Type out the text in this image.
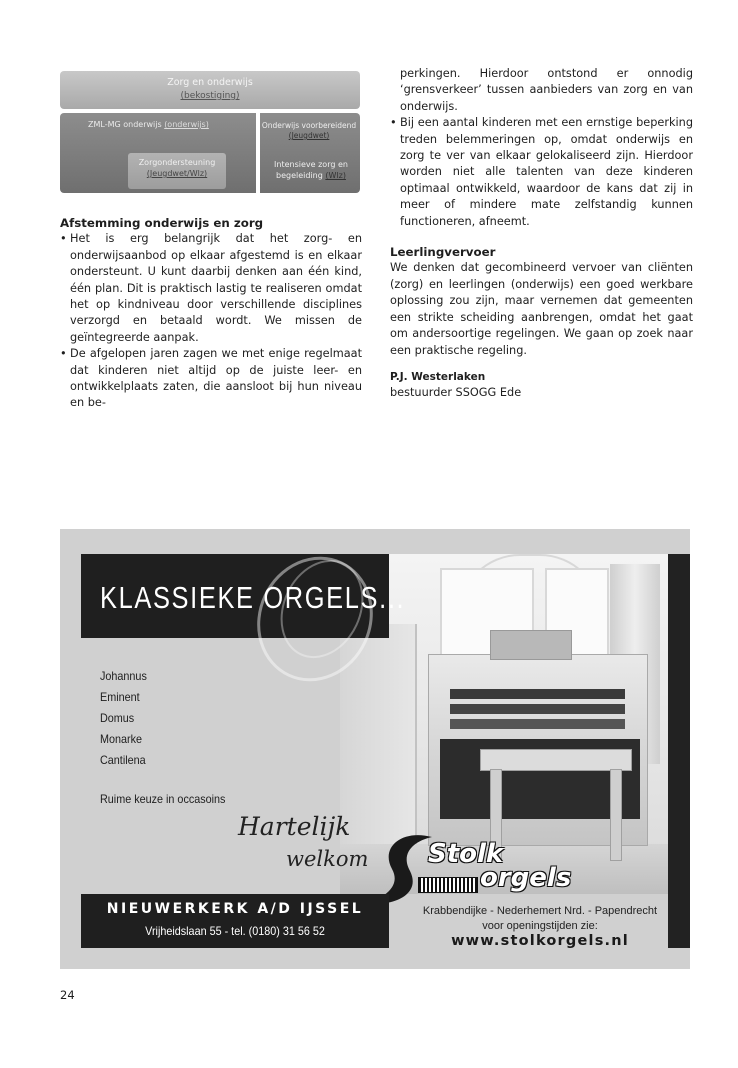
Zorg en onderwijs
(bekostiging)
ZML-MG onderwijs (onderwijs)
Zorgondersteuning
(Jeugdwet/Wlz)
Onderwijs voorbereidend
(Jeugdwet)
Intensieve zorg en
begeleiding (Wlz)
Afstemming onderwijs en zorg
• Het is erg belangrijk dat het zorg- en onderwijsaanbod op elkaar afgestemd is en elkaar ondersteunt. U kunt daarbij denken aan één kind, één plan. Dit is praktisch lastig te realiseren omdat het op kindniveau door verschillende disciplines verzorgd en betaald wordt. We missen de geïntegreerde aanpak.
• De afgelopen jaren zagen we met enige regelmaat dat kinderen niet altijd op de juiste leer- en ontwikkelplaats zaten, die aansloot bij hun niveau en be-
perkingen. Hierdoor ontstond er onnodig ‘grensverkeer’ tussen aanbieders van zorg en van onderwijs.
• Bij een aantal kinderen met een ernstige beperking treden belemmeringen op, omdat onderwijs en zorg te ver van elkaar gelokaliseerd zijn. Hierdoor worden niet alle talenten van deze kinderen optimaal ontwikkeld, waardoor de kans dat zij in meer of mindere mate zelfstandig kunnen functioneren, afneemt.
Leerlingvervoer

We denken dat gecombineerd vervoer van cliënten (zorg) en leerlingen (onderwijs) een goed werkbare oplossing zou zijn, maar vernemen dat gemeenten een strikte scheiding aanbrengen, omdat het gaat om andersoortige regelingen. We gaan op zoek naar een praktische regeling.

P.J. Westerlaken
bestuurder SSOGG Ede
KLASSIEKE ORGELS...
Johannus
Eminent
Domus
Monarke
Cantilena
Ruime keuze in occasoins
Hartelijk
welkom Stolk
orgels
NIEUWERKERK A/D IJSSEL
Vrijheidslaan 55 - tel. (0180) 31 56 52
Krabbendijke - Nederhemert Nrd. - Papendrecht
voor openingstijden zie:
www.stolkorgels.nl
24
